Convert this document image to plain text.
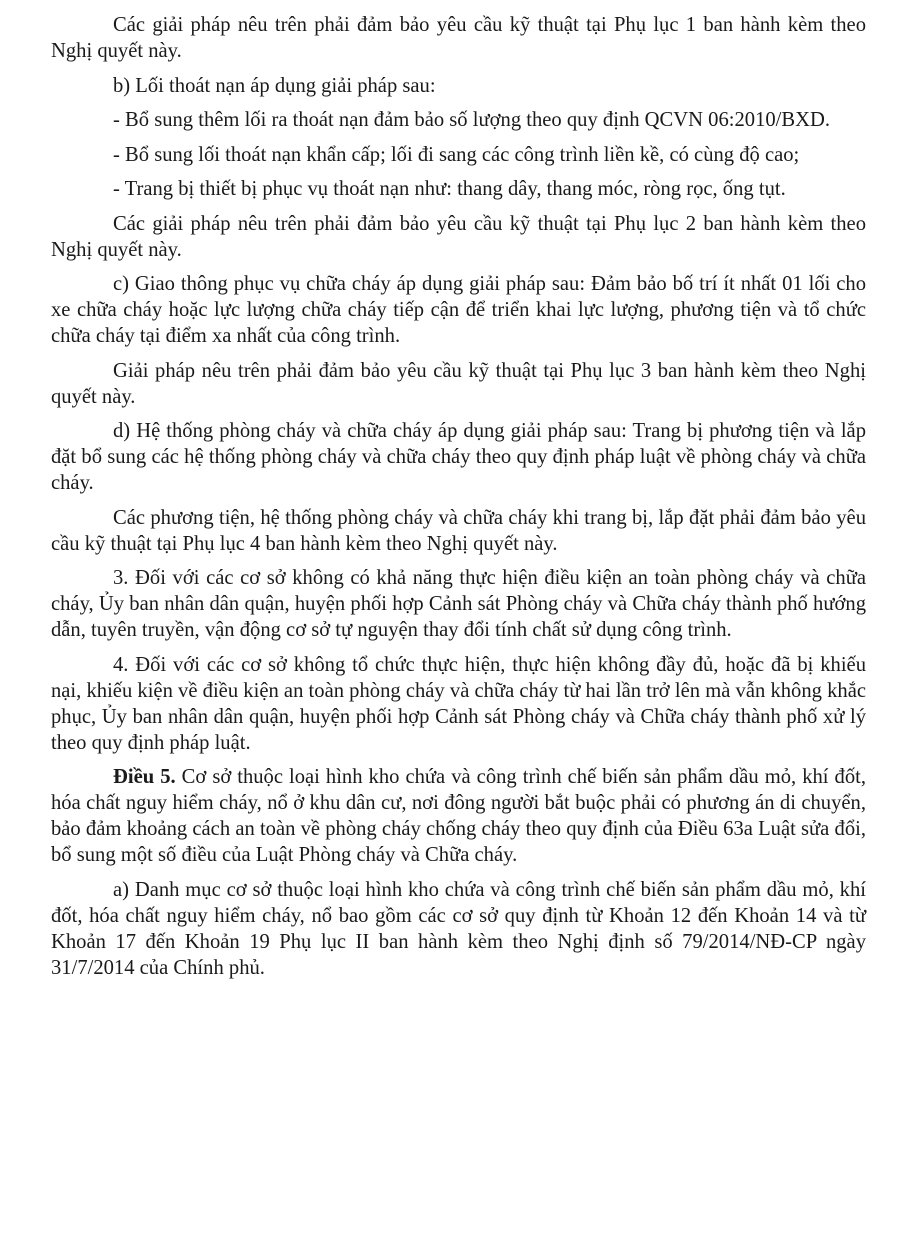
Các giải pháp nêu trên phải đảm bảo yêu cầu kỹ thuật tại Phụ lục 1 ban hành kèm theo Nghị quyết này.

b) Lối thoát nạn áp dụng giải pháp sau:

- Bổ sung thêm lối ra thoát nạn đảm bảo số lượng theo quy định QCVN 06:2010/BXD.

- Bổ sung lối thoát nạn khẩn cấp; lối đi sang các công trình liền kề, có cùng độ cao;

- Trang bị thiết bị phục vụ thoát nạn như: thang dây, thang móc, ròng rọc, ống tụt.

Các giải pháp nêu trên phải đảm bảo yêu cầu kỹ thuật tại Phụ lục 2 ban hành kèm theo Nghị quyết này.

c) Giao thông phục vụ chữa cháy áp dụng giải pháp sau: Đảm bảo bố trí ít nhất 01 lối cho xe chữa cháy hoặc lực lượng chữa cháy tiếp cận để triển khai lực lượng, phương tiện và tổ chức chữa cháy tại điểm xa nhất của công trình.

Giải pháp nêu trên phải đảm bảo yêu cầu kỹ thuật tại Phụ lục 3 ban hành kèm theo Nghị quyết này.

d) Hệ thống phòng cháy và chữa cháy áp dụng giải pháp sau: Trang bị phương tiện và lắp đặt bổ sung các hệ thống phòng cháy và chữa cháy theo quy định pháp luật về phòng cháy và chữa cháy.

Các phương tiện, hệ thống phòng cháy và chữa cháy khi trang bị, lắp đặt phải đảm bảo yêu cầu kỹ thuật tại Phụ lục 4 ban hành kèm theo Nghị quyết này.

3. Đối với các cơ sở không có khả năng thực hiện điều kiện an toàn phòng cháy và chữa cháy, Ủy ban nhân dân quận, huyện phối hợp Cảnh sát Phòng cháy và Chữa cháy thành phố hướng dẫn, tuyên truyền, vận động cơ sở tự nguyện thay đổi tính chất sử dụng công trình.

4. Đối với các cơ sở không tổ chức thực hiện, thực hiện không đầy đủ, hoặc đã bị khiếu nại, khiếu kiện về điều kiện an toàn phòng cháy và chữa cháy từ hai lần trở lên mà vẫn không khắc phục, Ủy ban nhân dân quận, huyện phối hợp Cảnh sát Phòng cháy và Chữa cháy thành phố xử lý theo quy định pháp luật.

Điều 5. Cơ sở thuộc loại hình kho chứa và công trình chế biến sản phẩm dầu mỏ, khí đốt, hóa chất nguy hiểm cháy, nổ ở khu dân cư, nơi đông người bắt buộc phải có phương án di chuyển, bảo đảm khoảng cách an toàn về phòng cháy chống cháy theo quy định của Điều 63a Luật sửa đổi, bổ sung một số điều của Luật Phòng cháy và Chữa cháy.

a) Danh mục cơ sở thuộc loại hình kho chứa và công trình chế biến sản phẩm dầu mỏ, khí đốt, hóa chất nguy hiểm cháy, nổ bao gồm các cơ sở quy định từ Khoản 12 đến Khoản 14 và từ Khoản 17 đến Khoản 19 Phụ lục II ban hành kèm theo Nghị định số 79/2014/NĐ-CP ngày 31/7/2014 của Chính phủ.
